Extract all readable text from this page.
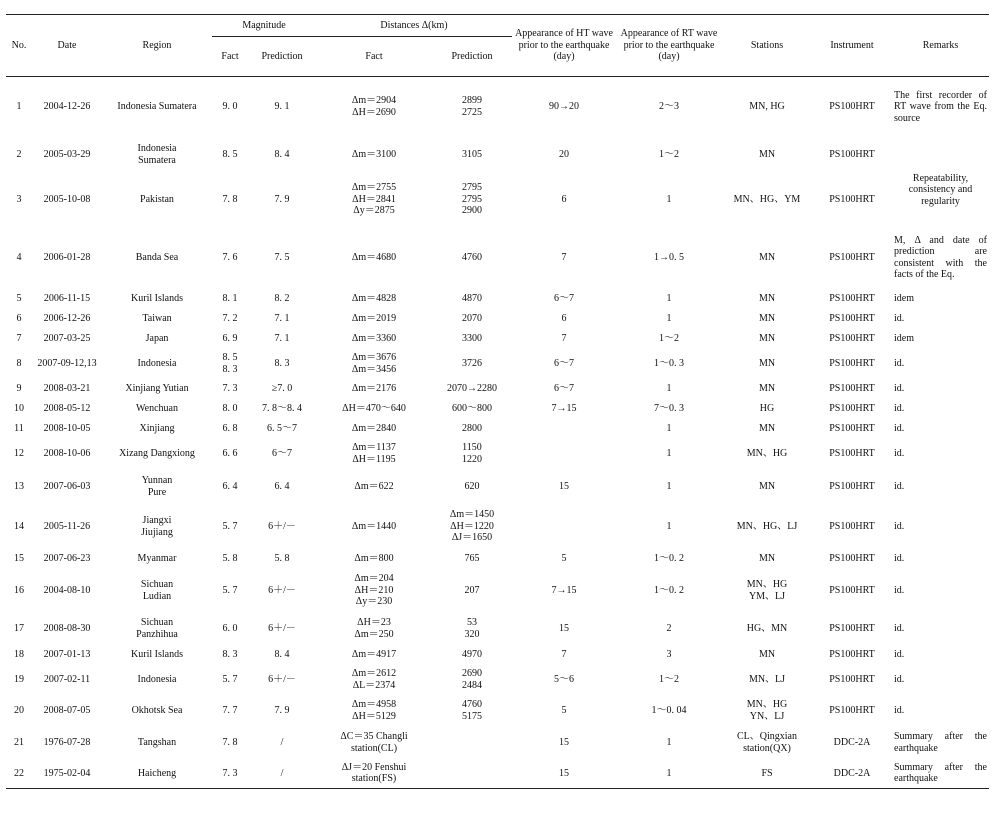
No.	Date	Region	Magnitude		Distances Δ(km)		Appearance of HT wave prior to the earthquake (day)	Appearance of RT wave prior to the earthquake (day)	Stations	Instrument	Remarks
			Fact	Prediction	Fact	Prediction					
1	2004-12-26	Indonesia Sumatera	9. 0	9. 1	Δm＝2904
ΔH＝2690	2899
2725	90→20	2～3	MN, HG	PS100HRT	The first recorder of RT wave from the Eq. source
2	2005-03-29	Indonesia
Sumatera	8. 5	8. 4	Δm＝3100	3105	20	1～2	MN	PS100HRT	
3	2005-10-08	Pakistan	7. 8	7. 9	Δm＝2755
ΔH＝2841
Δy＝2875	2795
2795
2900	6	1	MN、HG、YM	PS100HRT	Repeatability, consistency and regularity
4	2006-01-28	Banda Sea	7. 6	7. 5	Δm＝4680	4760	7	1→0. 5	MN	PS100HRT	M, Δ and date of prediction are consistent with the facts of the Eq.
5	2006-11-15	Kuril Islands	8. 1	8. 2	Δm＝4828	4870	6～7	1	MN	PS100HRT	idem
6	2006-12-26	Taiwan	7. 2	7. 1	Δm＝2019	2070	6	1	MN	PS100HRT	id.
7	2007-03-25	Japan	6. 9	7. 1	Δm＝3360	3300	7	1～2	MN	PS100HRT	idem
8	2007-09-12,13	Indonesia	8. 5
8. 3	8. 3	Δm＝3676
Δm＝3456	3726	6～7	1～0. 3	MN	PS100HRT	id.
9	2008-03-21	Xinjiang Yutian	7. 3	≥7. 0	Δm＝2176	2070→2280	6～7	1	MN	PS100HRT	id.
10	2008-05-12	Wenchuan	8. 0	7. 8～8. 4	ΔH＝470～640	600～800	7→15	7～0. 3	HG	PS100HRT	id.
11	2008-10-05	Xinjiang	6. 8	6. 5～7	Δm＝2840	2800		1	MN	PS100HRT	id.
12	2008-10-06	Xizang Dangxiong	6. 6	6～7	Δm＝1137
ΔH＝1195	1150
1220		1	MN、HG	PS100HRT	id.
13	2007-06-03	Yunnan
Pure	6. 4	6. 4	Δm＝622	620	15	1	MN	PS100HRT	id.
14	2005-11-26	Jiangxi
Jiujiang	5. 7	6＋/－	Δm＝1440	Δm＝1450
ΔH＝1220
ΔJ＝1650		1	MN、HG、LJ	PS100HRT	id.
15	2007-06-23	Myanmar	5. 8	5. 8	Δm＝800	765	5	1～0. 2	MN	PS100HRT	id.
16	2004-08-10	Sichuan
Ludian	5. 7	6＋/－	Δm＝204
ΔH＝210
Δy＝230	207	7→15	1～0. 2	MN、HG
YM、LJ	PS100HRT	id.
17	2008-08-30	Sichuan
Panzhihua	6. 0	6＋/－	ΔH＝23
Δm＝250	53
320	15	2	HG、MN	PS100HRT	id.
18	2007-01-13	Kuril Islands	8. 3	8. 4	Δm＝4917	4970	7	3	MN	PS100HRT	id.
19	2007-02-11	Indonesia	5. 7	6＋/－	Δm＝2612
ΔL＝2374	2690
2484	5～6	1～2	MN、LJ	PS100HRT	id.
20	2008-07-05	Okhotsk Sea	7. 7	7. 9	Δm＝4958
ΔH＝5129	4760
5175	5	1～0. 04	MN、HG
YN、LJ	PS100HRT	id.
21	1976-07-28	Tangshan	7. 8	/	ΔC＝35 Changli
station(CL)		15	1	CL、Qingxian
station(QX)	DDC-2A	Summary after the earthquake
22	1975-02-04	Haicheng	7. 3	/	ΔJ＝20 Fenshui
station(FS)		15	1	FS	DDC-2A	Summary after the earthquake
